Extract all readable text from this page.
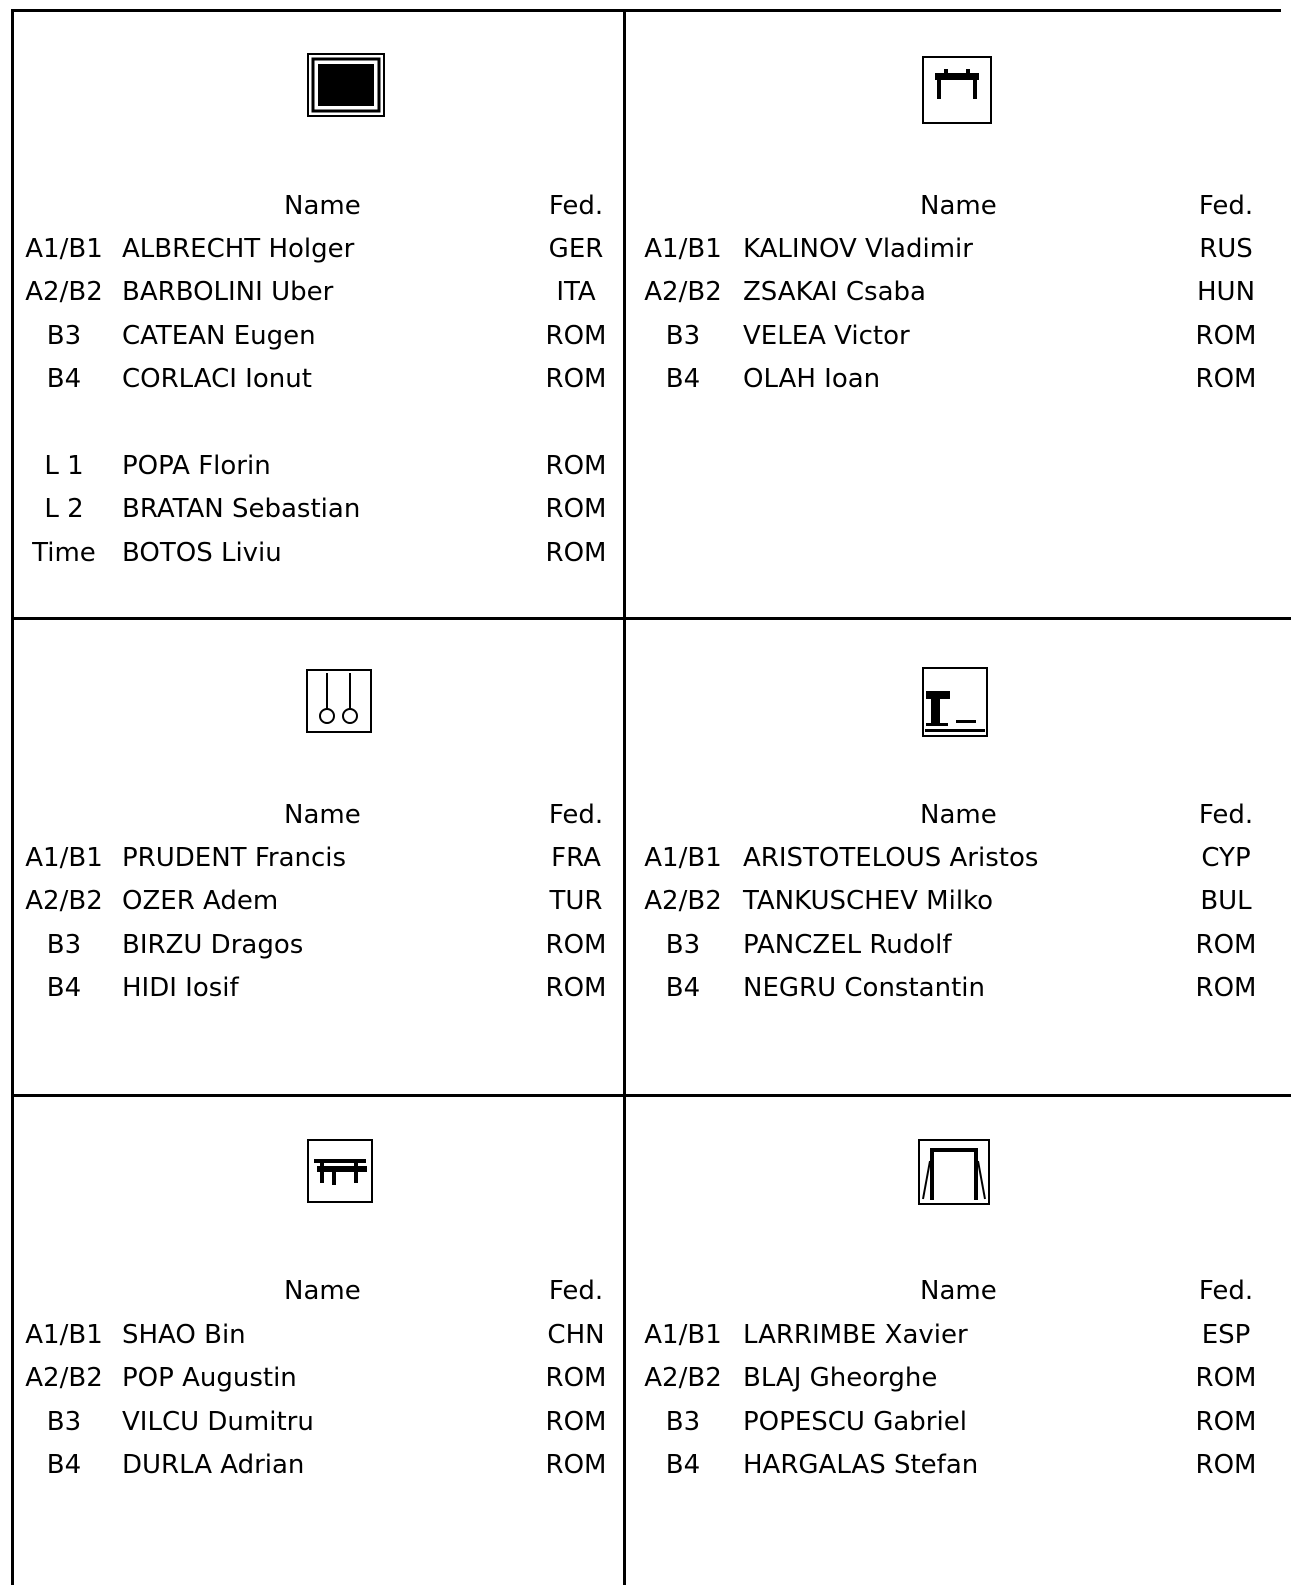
Name	Fed.
A1/B1 ALBRECHT Holger	GER
A2/B2 BARBOLINI Uber	ITA
B3	CATEAN Eugen	ROM
B4	CORLACI Ionut	ROM
L 1	POPA Florin	ROM
L 2	BRATAN Sebastian	ROM
Time	BOTOS Liviu	ROM
Name	Fed.
A1/B1 KALINOV Vladimir	RUS
A2/B2 ZSAKAI Csaba	HUN
B3	VELEA Victor	ROM
B4	OLAH Ioan	ROM
Name	Fed.
A1/B1 PRUDENT Francis	FRA
A2/B2 OZER Adem	TUR
B3	BIRZU Dragos	ROM
B4	HIDI Iosif	ROM
Name	Fed.
A1/B1 ARISTOTELOUS Aristos	CYP
A2/B2 TANKUSCHEV Milko	BUL
B3	PANCZEL Rudolf	ROM
B4	NEGRU Constantin	ROM
Name	Fed.
A1/B1 SHAO Bin	CHN
A2/B2 POP Augustin	ROM
B3	VILCU Dumitru	ROM
B4	DURLA Adrian	ROM
Name	Fed.
A1/B1 LARRIMBE Xavier	ESP
A2/B2 BLAJ Gheorghe	ROM
B3	POPESCU Gabriel	ROM
B4	HARGALAS Stefan	ROM
